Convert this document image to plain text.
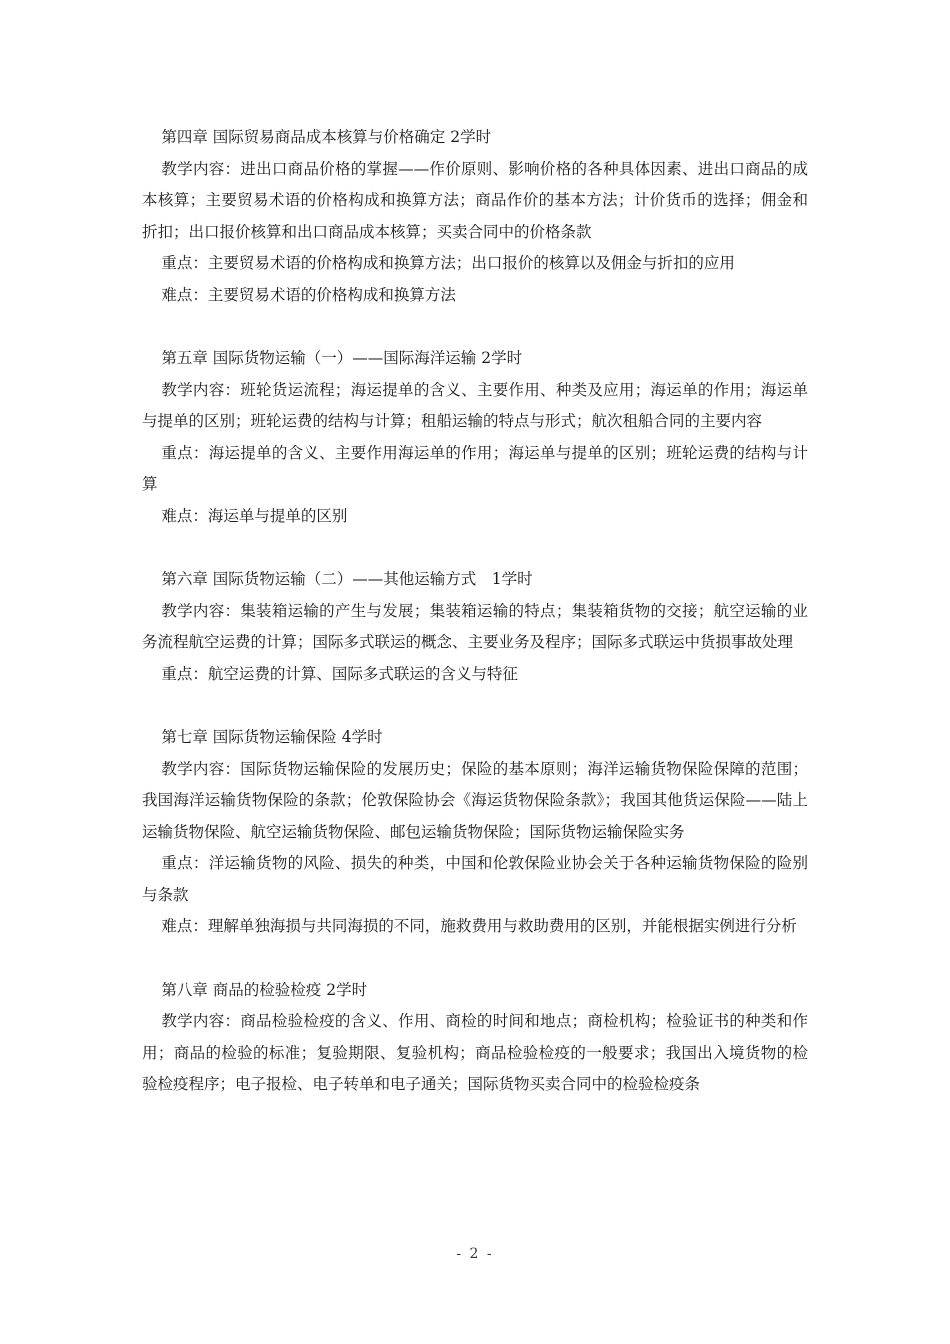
第四章 国际贸易商品成本核算与价格确定 2学时

教学内容：进出口商品价格的掌握——作价原则、影响价格的各种具体因素、进出口商品的成本核算；主要贸易术语的价格构成和换算方法；商品作价的基本方法；计价货币的选择；佣金和折扣；出口报价核算和出口商品成本核算；买卖合同中的价格条款

重点：主要贸易术语的价格构成和换算方法；出口报价的核算以及佣金与折扣的应用

难点：主要贸易术语的价格构成和换算方法

第五章 国际货物运输（一）——国际海洋运输 2学时

教学内容：班轮货运流程；海运提单的含义、主要作用、种类及应用；海运单的作用；海运单与提单的区别；班轮运费的结构与计算；租船运输的特点与形式；航次租船合同的主要内容

重点：海运提单的含义、主要作用海运单的作用；海运单与提单的区别；班轮运费的结构与计算

难点：海运单与提单的区别

第六章 国际货物运输（二）——其他运输方式　1学时

教学内容：集装箱运输的产生与发展；集装箱运输的特点；集装箱货物的交接；航空运输的业务流程航空运费的计算；国际多式联运的概念、主要业务及程序；国际多式联运中货损事故处理

重点：航空运费的计算、国际多式联运的含义与特征

第七章 国际货物运输保险 4学时

教学内容：国际货物运输保险的发展历史；保险的基本原则；海洋运输货物保险保障的范围；我国海洋运输货物保险的条款；伦敦保险协会《海运货物保险条款》；我国其他货运保险——陆上运输货物保险、航空运输货物保险、邮包运输货物保险；国际货物运输保险实务

重点：洋运输货物的风险、损失的种类，中国和伦敦保险业协会关于各种运输货物保险的险别与条款

难点：理解单独海损与共同海损的不同，施救费用与救助费用的区别，并能根据实例进行分析

第八章 商品的检验检疫 2学时

教学内容：商品检验检疫的含义、作用、商检的时间和地点；商检机构；检验证书的种类和作用；商品的检验的标准；复验期限、复验机构；商品检验检疫的一般要求；我国出入境货物的检验检疫程序；电子报检、电子转单和电子通关；国际货物买卖合同中的检验检疫条

- 2 -
